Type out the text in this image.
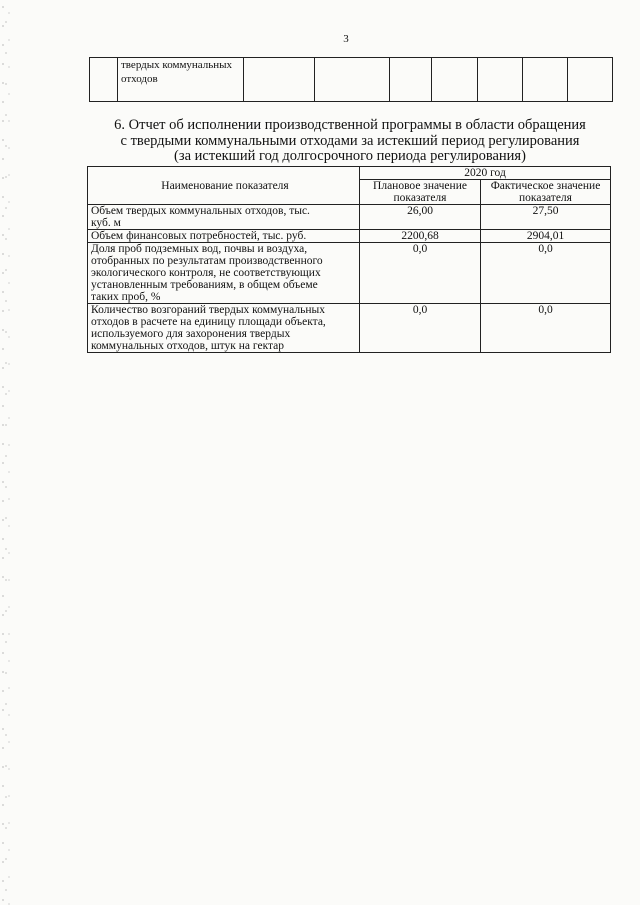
3
	твердых коммунальных отходов							
6. Отчет об исполнении производственной программы в области обращения
с твердыми коммунальными отходами за истекший период регулирования
(за истекший год долгосрочного периода регулирования)
Наименование показателя	2020 год	
	Плановое значение показателя	Фактическое значение показателя
Объем твердых коммунальных отходов, тыс. куб. м	26,00	27,50
Объем финансовых потребностей, тыс. руб.	2200,68	2904,01
Доля проб подземных вод, почвы и воздуха, отобранных по результатам производственного экологического контроля, не соответствующих установленным требованиям, в общем объеме таких проб, %	0,0	0,0
Количество возгораний твердых коммунальных отходов в расчете на единицу площади объекта, используемого для захоронения твердых коммунальных отходов, штук на гектар	0,0	0,0
